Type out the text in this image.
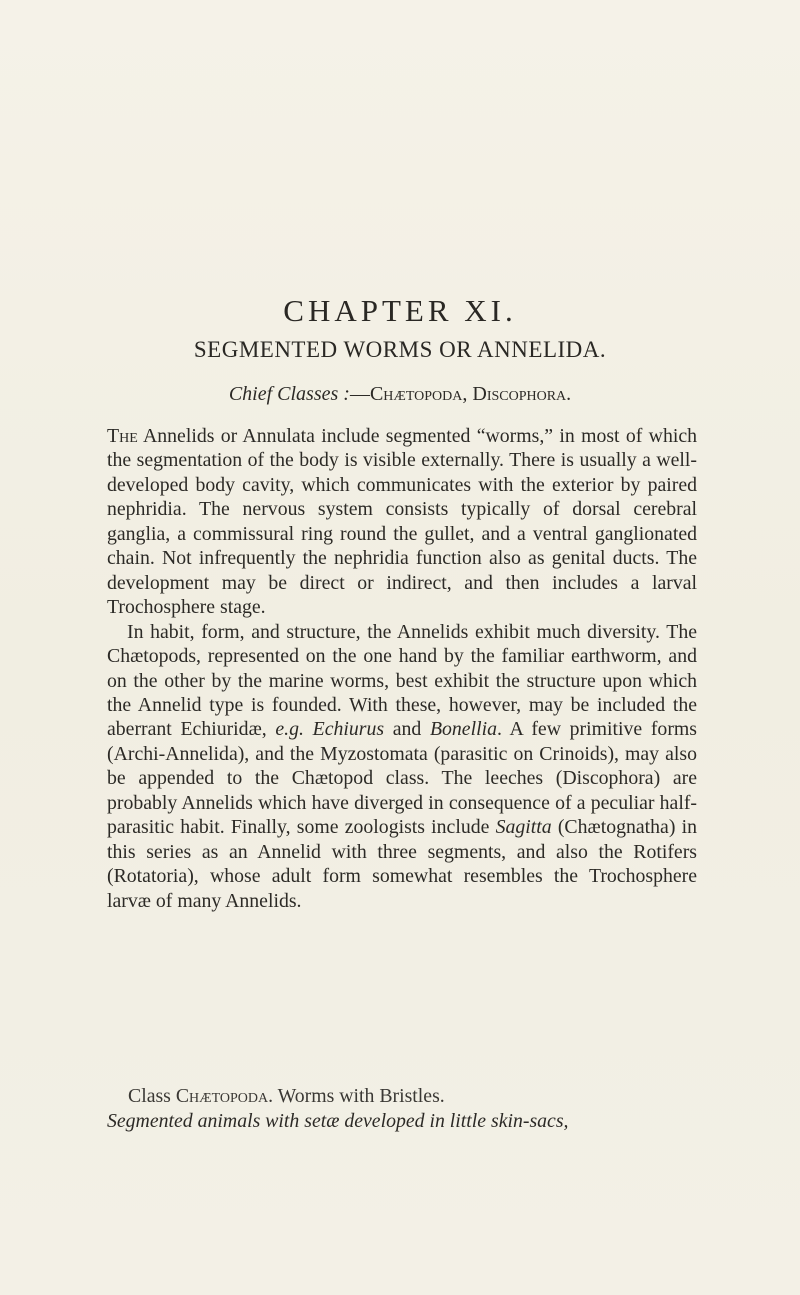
CHAPTER XI.
SEGMENTED WORMS OR ANNELIDA.
Chief Classes :—Chætopoda, Discophora.

The Annelids or Annulata include segmented “worms,” in most of which the segmentation of the body is visible externally. There is usually a well-developed body cavity, which communicates with the exterior by paired nephridia. The nervous system consists typically of dorsal cerebral ganglia, a commissural ring round the gullet, and a ventral ganglionated chain. Not infrequently the nephridia function also as genital ducts. The development may be direct or indirect, and then includes a larval Trochosphere stage.

In habit, form, and structure, the Annelids exhibit much diversity. The Chætopods, represented on the one hand by the familiar earthworm, and on the other by the marine worms, best exhibit the structure upon which the Annelid type is founded. With these, however, may be included the aberrant Echiuridæ, e.g. Echiurus and Bonellia. A few primitive forms (Archi-Annelida), and the Myzostomata (parasitic on Crinoids), may also be appended to the Chætopod class. The leeches (Discophora) are probably Annelids which have diverged in consequence of a peculiar half-parasitic habit. Finally, some zoologists include Sagitta (Chætognatha) in this series as an Annelid with three segments, and also the Rotifers (Rotatoria), whose adult form somewhat resembles the Trochosphere larvæ of many Annelids.

Class Chætopoda. Worms with Bristles.
Segmented animals with setæ developed in little skin-sacs,
